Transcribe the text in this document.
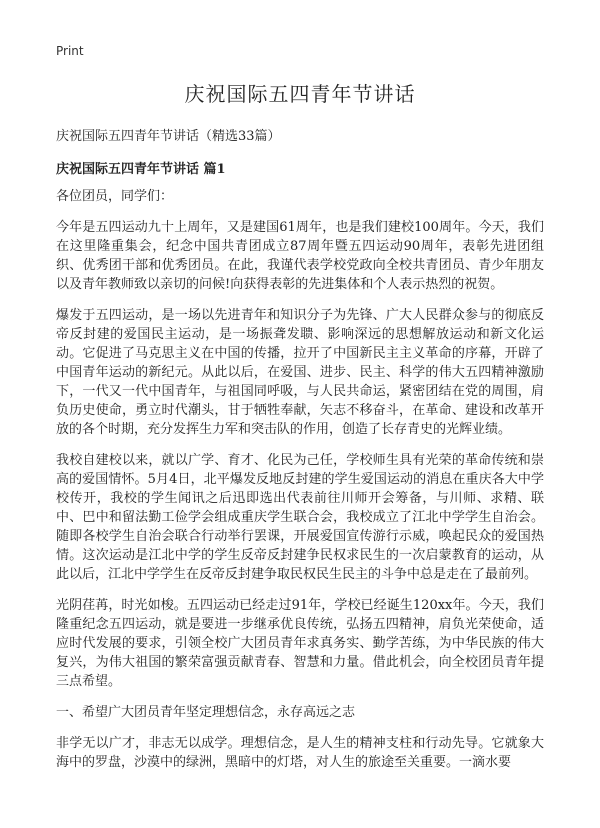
Print
庆祝国际五四青年节讲话

庆祝国际五四青年节讲话（精选33篇）

庆祝国际五四青年节讲话 篇1

各位团员，同学们：

今年是五四运动九十上周年，又是建国61周年，也是我们建校100周年。今天，我们在这里隆重集会，纪念中国共青团成立87周年暨五四运动90周年，表彰先进团组织、优秀团干部和优秀团员。在此，我谨代表学校党政向全校共青团员、青少年朋友以及青年教师致以亲切的问候!向获得表彰的先进集体和个人表示热烈的祝贺。

爆发于五四运动，是一场以先进青年和知识分子为先锋、广大人民群众参与的彻底反帝反封建的爱国民主运动，是一场振聋发聩、影响深远的思想解放运动和新文化运动。它促进了马克思主义在中国的传播，拉开了中国新民主主义革命的序幕，开辟了中国青年运动的新纪元。从此以后，在爱国、进步、民主、科学的伟大五四精神激励下，一代又一代中国青年，与祖国同呼吸，与人民共命运，紧密团结在党的周围，肩负历史使命，勇立时代潮头，甘于牺牲奉献，矢志不移奋斗，在革命、建设和改革开放的各个时期，充分发挥生力军和突击队的作用，创造了长存青史的光辉业绩。

我校自建校以来，就以广学、育才、化民为己任，学校师生具有光荣的革命传统和崇高的爱国情怀。5月4日，北平爆发反地反封建的学生爱国运动的消息在重庆各大中学校传开，我校的学生闻讯之后迅即选出代表前往川师开会筹备，与川师、求精、联中、巴中和留法勤工俭学会组成重庆学生联合会，我校成立了江北中学学生自治会。随即各校学生自治会联合行动举行罢课，开展爱国宣传游行示威，唤起民众的爱国热情。这次运动是江北中学的学生反帝反封建争民权求民生的一次启蒙教育的运动，从此以后，江北中学学生在反帝反封建争取民权民生民主的斗争中总是走在了最前列。

光阴荏苒，时光如梭。五四运动已经走过91年，学校已经诞生120xx年。今天，我们隆重纪念五四运动，就是要进一步继承优良传统，弘扬五四精神，肩负光荣使命，适应时代发展的要求，引领全校广大团员青年求真务实、勤学苦练，为中华民族的伟大复兴，为伟大祖国的繁荣富强贡献青春、智慧和力量。借此机会，向全校团员青年提三点希望。

一、希望广大团员青年坚定理想信念，永存高远之志

非学无以广才，非志无以成学。理想信念，是人生的精神支柱和行动先导。它就象大海中的罗盘，沙漠中的绿洲，黑暗中的灯塔，对人生的旅途至关重要。一滴水要
